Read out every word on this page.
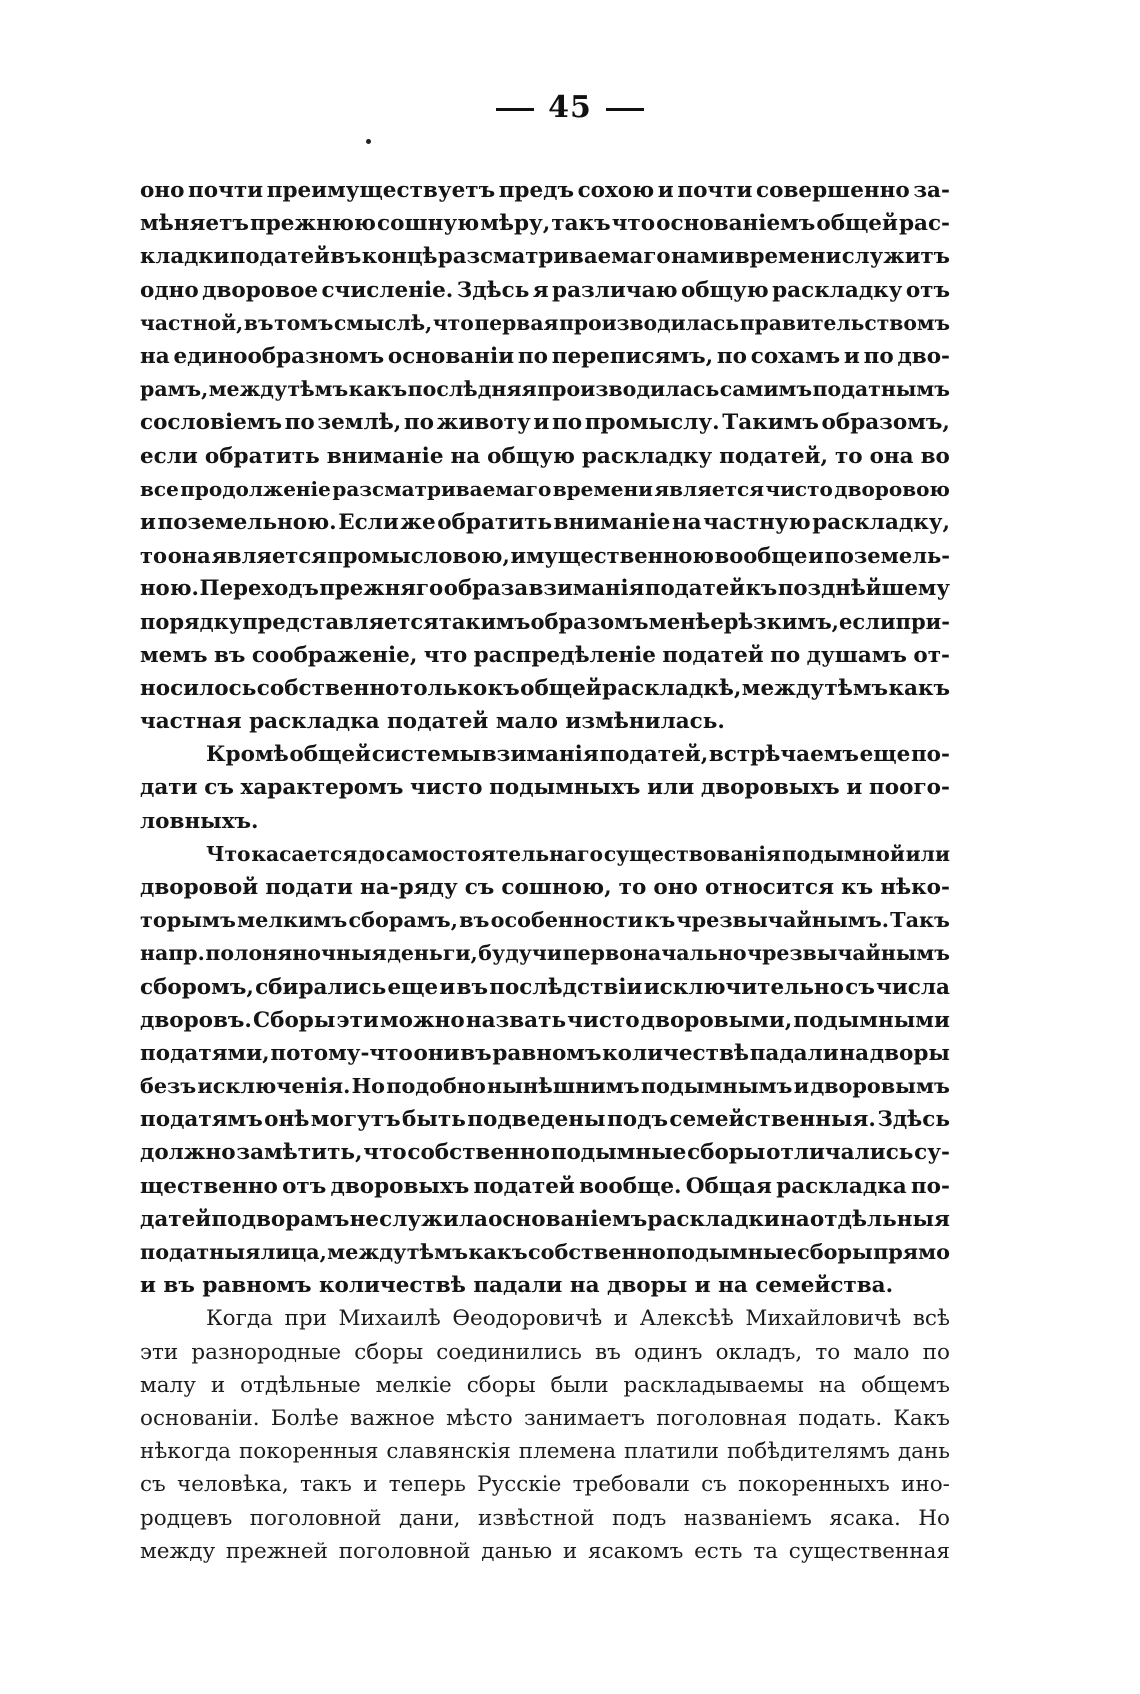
45
оно почти преимуществуетъ предъ сохою и почти совершенно за-
мѣняетъ прежнюю сошную мѣру, такъ что основаніемъ общей рас-
кладки податей въ концѣ разсматриваемаго нами времени служитъ
одно дворовое счисленіе. Здѣсь я различаю общую раскладку отъ
частной, въ томъ смыслѣ, что первая производилась правительствомъ
на единообразномъ основаніи по переписямъ, по сохамъ и по дво-
рамъ, между тѣмъ какъ послѣдняя производилась самимъ податнымъ
сословіемъ по землѣ, по животу и по промыслу. Такимъ образомъ,
если обратить вниманіе на общую раскладку податей, то она во
все продолженіе разсматриваемаго времени является чисто дворовою
и поземельною. Если же обратить вниманіе на частную раскладку,
то она является промысловою, имущественною вообще и поземель-
ною. Переходъ прежняго образа взиманія податей къ позднѣйшему
порядку представляется такимъ образомъ менѣе рѣзкимъ, если при-
мемъ въ соображеніе, что распредѣленіе податей по душамъ от-
носилось собственно только къ общей раскладкѣ, между тѣмъ какъ
частная раскладка податей мало измѣнилась.
Кромѣ общей системы взиманія податей, встрѣчаемъ еще по-
дати съ характеромъ чисто подымныхъ или дворовыхъ и поого-
ловныхъ.
Что касается до самостоятельнаго существованія подымной или
дворовой подати на-ряду съ сошною, то оно относится къ нѣко-
торымъ мелкимъ сборамъ, въ особенности къ чрезвычайнымъ. Такъ
напр. полоняночныя деньги, будучи первоначально чрезвычайнымъ
сборомъ, сбирались еще и въ послѣдствіи исключительно съ числа
дворовъ. Сборы эти можно назвать чисто дворовыми, подымными
податями, потому-что они въ равномъ количествѣ падали на дворы
безъ исключенія. Но подобно нынѣшнимъ подымнымъ и дворовымъ
податямъ онѣ могутъ быть подведены подъ семейственныя. Здѣсь
должно замѣтить, что собственно подымные сборы отличались су-
щественно отъ дворовыхъ податей вообще. Общая раскладка по-
датей по дворамъ не служила основаніемъ раскладки на отдѣльныя
податныя лица, между тѣмъ какъ собственно подымные сборы прямо
и въ равномъ количествѣ падали на дворы и на семейства.
Когда при Михаилѣ Ѳеодоровичѣ и Алексѣѣ Михайловичѣ всѣ
эти разнородные сборы соединились въ одинъ окладъ, то мало по
малу и отдѣльные мелкіе сборы были раскладываемы на общемъ
основаніи. Болѣе важное мѣсто занимаетъ поголовная подать. Какъ
нѣкогда покоренныя славянскія племена платили побѣдителямъ дань
съ человѣка, такъ и теперь Русскіе требовали съ покоренныхъ ино-
родцевъ поголовной дани, извѣстной подъ названіемъ ясака. Но
между прежней поголовной данью и ясакомъ есть та существенная
